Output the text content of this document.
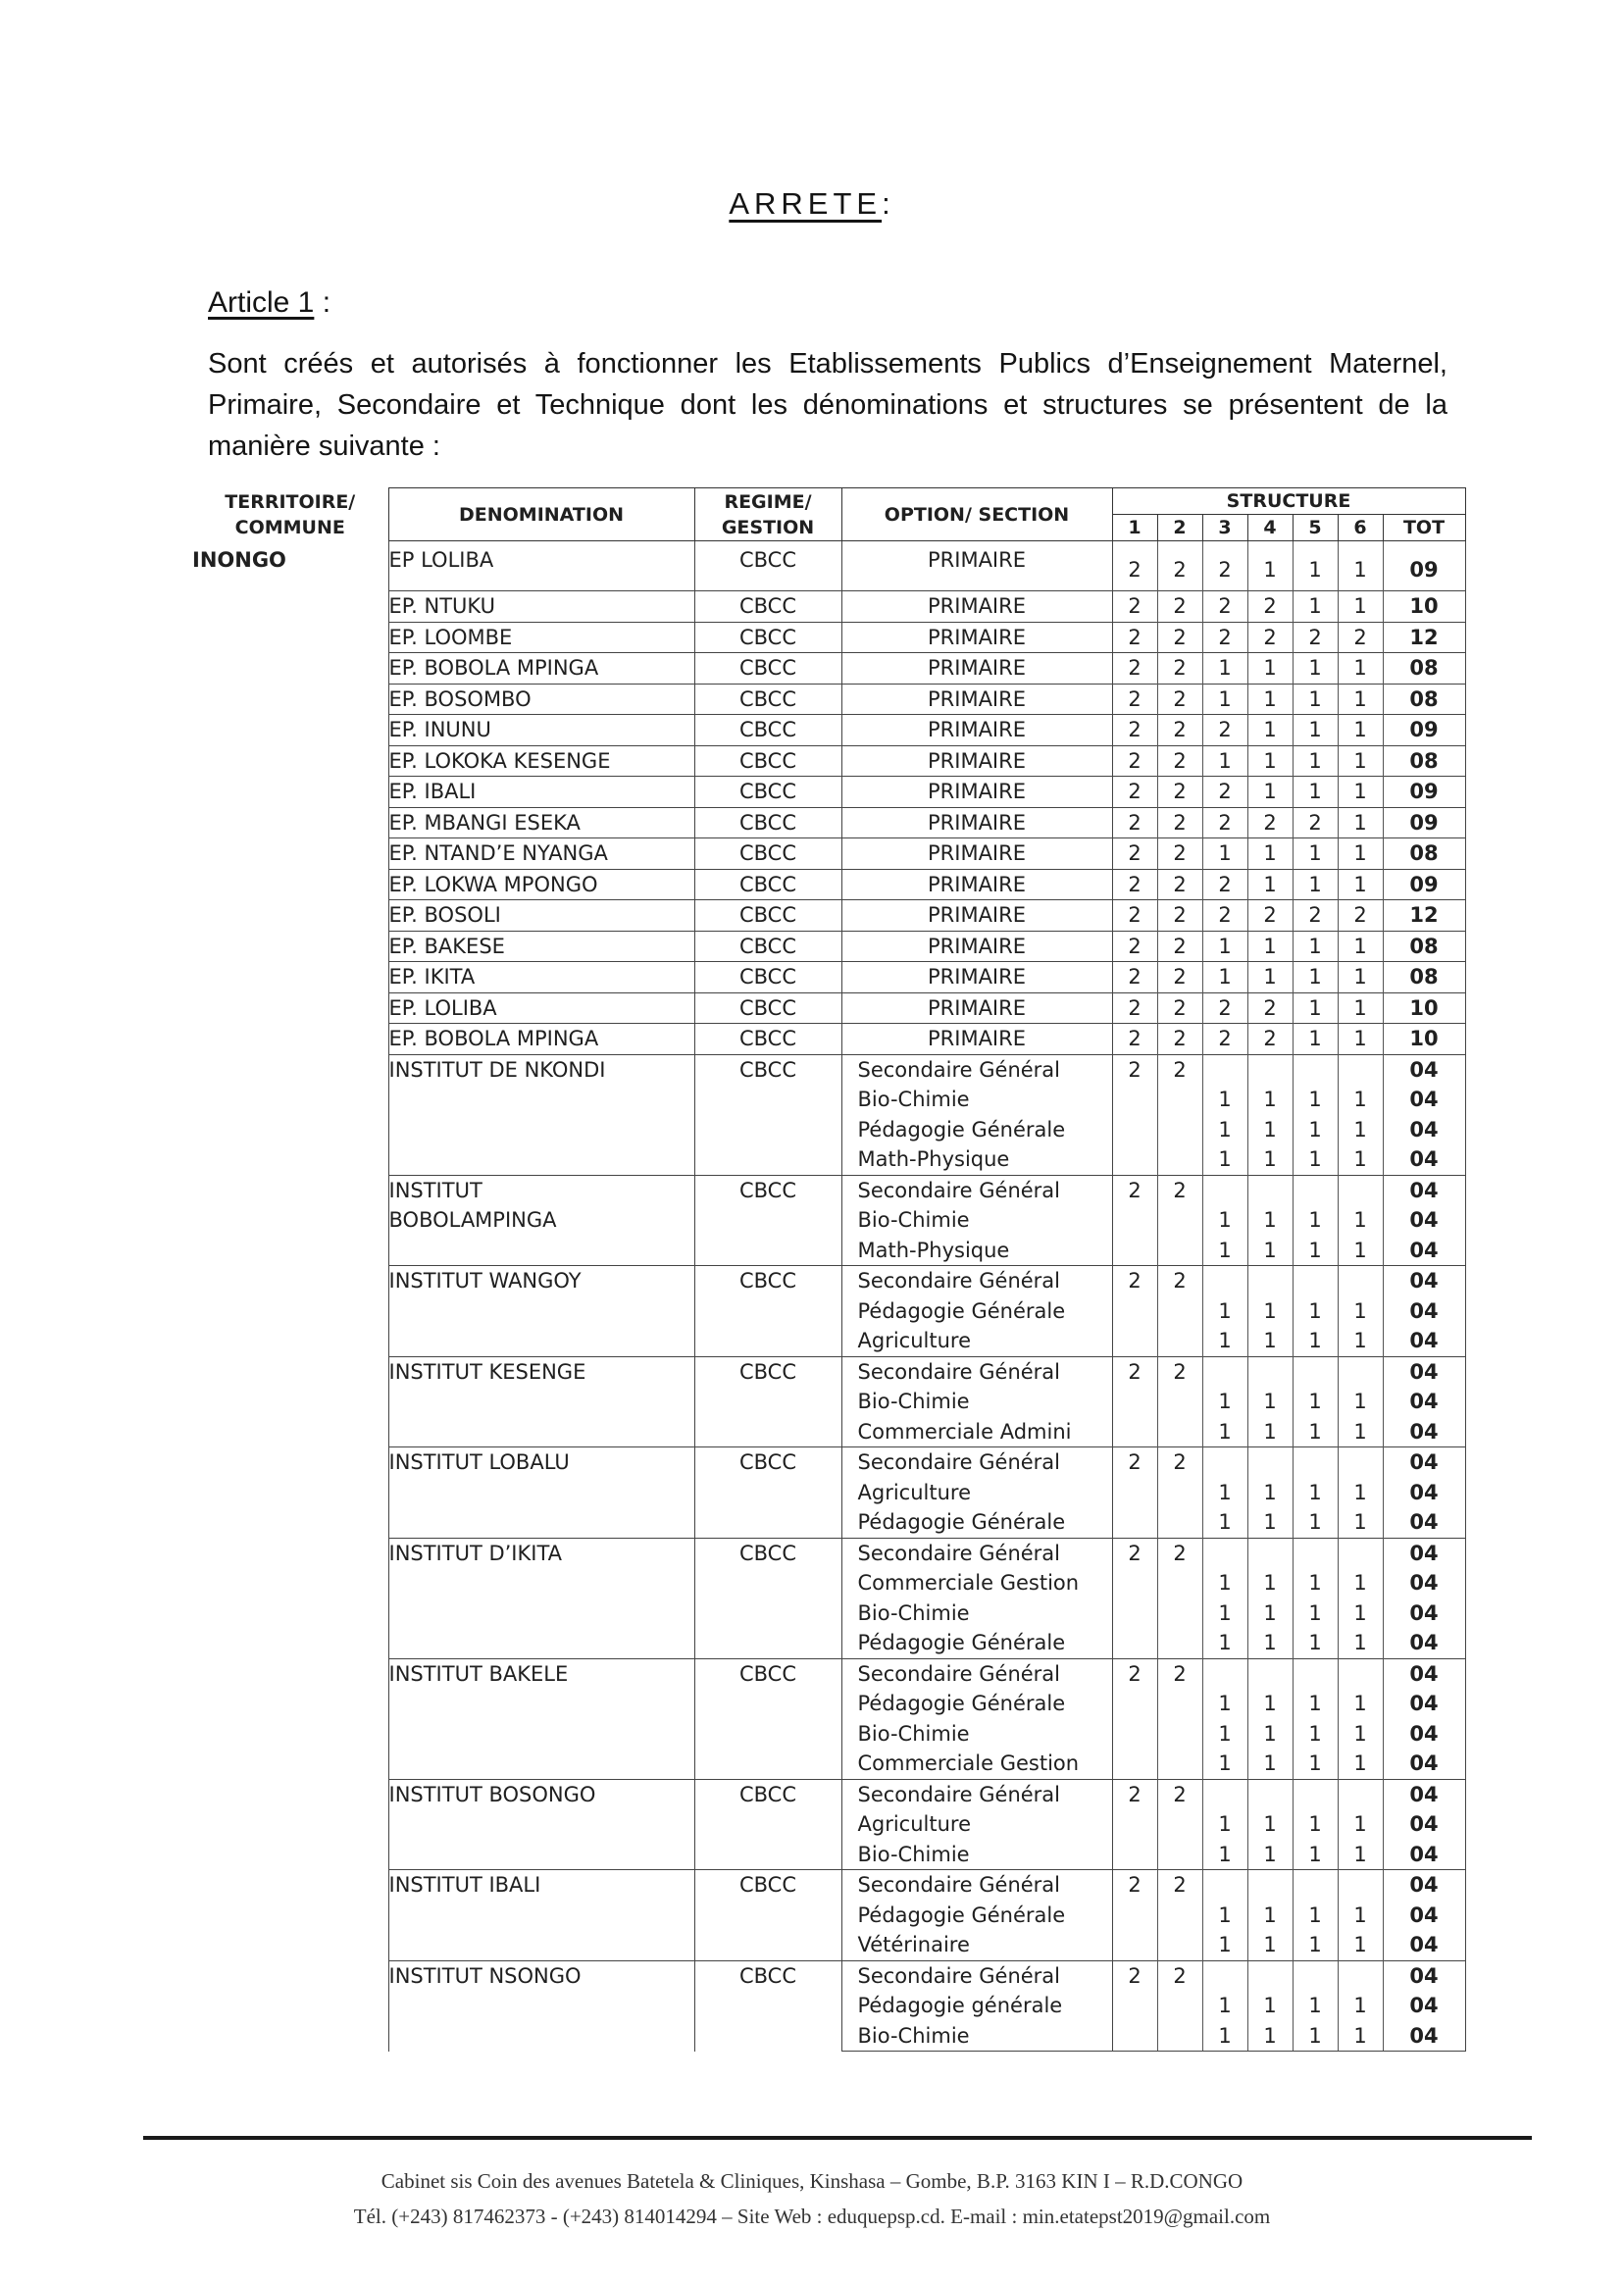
ARRETE:
Article 1 :
Sont créés et autorisés à fonctionner les Etablissements Publics d’Enseignement Maternel, Primaire, Secondaire et Technique dont les dénominations et structures se présentent de la manière suivante :
TERRITOIRE/ COMMUNE	DENOMINATION	REGIME/ GESTION	OPTION/ SECTION	STRUCTURE						
				1	2	3	4	5	6	TOT
INONGO	EP LOLIBA	CBCC	PRIMAIRE	2	2	2	1	1	1	09
	EP. NTUKU	CBCC	PRIMAIRE	2	2	2	2	1	1	10
	EP. LOOMBE	CBCC	PRIMAIRE	2	2	2	2	2	2	12
	EP. BOBOLA MPINGA	CBCC	PRIMAIRE	2	2	1	1	1	1	08
	EP. BOSOMBO	CBCC	PRIMAIRE	2	2	1	1	1	1	08
	EP. INUNU	CBCC	PRIMAIRE	2	2	2	1	1	1	09
	EP. LOKOKA KESENGE	CBCC	PRIMAIRE	2	2	1	1	1	1	08
	EP. IBALI	CBCC	PRIMAIRE	2	2	2	1	1	1	09
	EP. MBANGI ESEKA	CBCC	PRIMAIRE	2	2	2	2	2	1	09
	EP. NTAND’E NYANGA	CBCC	PRIMAIRE	2	2	1	1	1	1	08
	EP. LOKWA MPONGO	CBCC	PRIMAIRE	2	2	2	1	1	1	09
	EP. BOSOLI	CBCC	PRIMAIRE	2	2	2	2	2	2	12
	EP. BAKESE	CBCC	PRIMAIRE	2	2	1	1	1	1	08
	EP. IKITA	CBCC	PRIMAIRE	2	2	1	1	1	1	08
	EP. LOLIBA	CBCC	PRIMAIRE	2	2	2	2	1	1	10
	EP. BOBOLA MPINGA	CBCC	PRIMAIRE	2	2	2	2	1	1	10

	INSTITUT DE NKONDI	CBCC	Secondaire Général	2	2					04
			Bio-Chimie			1	1	1	1	04
			Pédagogie Générale			1	1	1	1	04
			Math-Physique			1	1	1	1	04

	INSTITUT
BOBOLAMPINGA	CBCC	Secondaire Général	2	2					04
			Bio-Chimie			1	1	1	1	04
			Math-Physique			1	1	1	1	04

	INSTITUT WANGOY	CBCC	Secondaire Général	2	2					04
			Pédagogie Générale			1	1	1	1	04
			Agriculture			1	1	1	1	04

	INSTITUT KESENGE	CBCC	Secondaire Général	2	2					04
			Bio-Chimie			1	1	1	1	04
			Commerciale Admini			1	1	1	1	04

	INSTITUT LOBALU	CBCC	Secondaire Général	2	2					04
			Agriculture			1	1	1	1	04
			Pédagogie Générale			1	1	1	1	04

	INSTITUT D’IKITA	CBCC	Secondaire Général	2	2					04
			Commerciale Gestion			1	1	1	1	04
			Bio-Chimie			1	1	1	1	04
			Pédagogie Générale			1	1	1	1	04

	INSTITUT BAKELE	CBCC	Secondaire Général	2	2					04
			Pédagogie Générale			1	1	1	1	04
			Bio-Chimie			1	1	1	1	04
			Commerciale Gestion			1	1	1	1	04

	INSTITUT BOSONGO	CBCC	Secondaire Général	2	2					04
			Agriculture			1	1	1	1	04
			Bio-Chimie			1	1	1	1	04

	INSTITUT IBALI	CBCC	Secondaire Général	2	2					04
			Pédagogie Générale			1	1	1	1	04
			Vétérinaire			1	1	1	1	04

	INSTITUT NSONGO	CBCC	Secondaire Général	2	2					04
			Pédagogie générale			1	1	1	1	04
			Bio-Chimie			1	1	1	1	04
Cabinet sis Coin des avenues Batetela & Cliniques, Kinshasa – Gombe, B.P. 3163 KIN I – R.D.CONGO
Tél. (+243) 817462373 - (+243) 814014294 – Site Web : eduquepsp.cd. E-mail : min.etatepst2019@gmail.com
